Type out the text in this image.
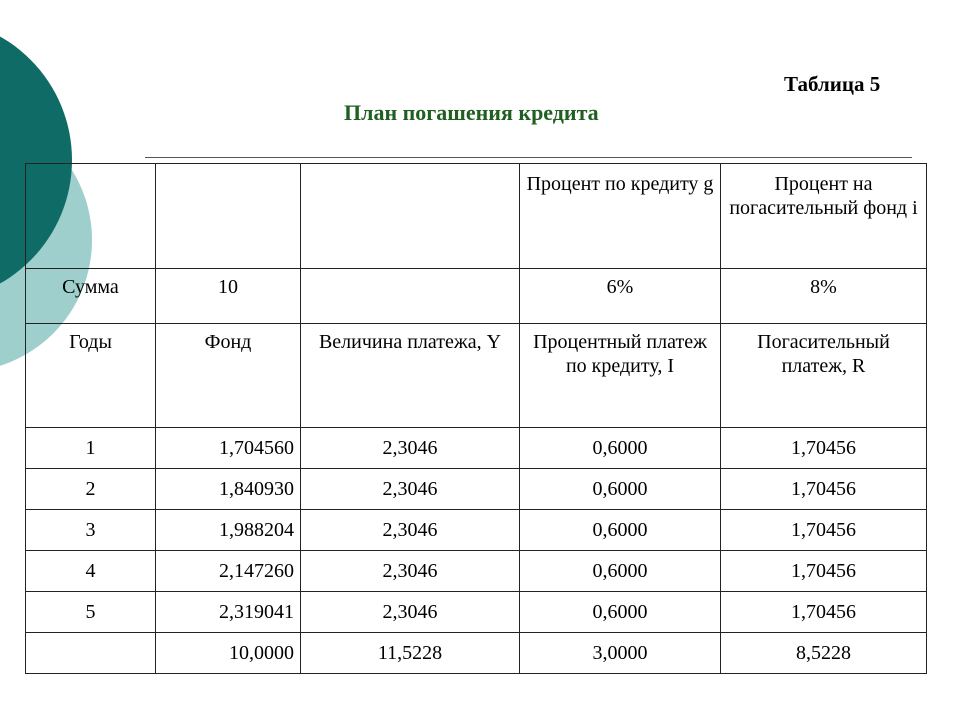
Таблица 5
План погашения кредита
			Процент по кредиту g	Процент на погасительный фонд i
Сумма	10		6%	8%
Годы	Фонд	Величина платежа, Y	Процентный платеж по кредиту, I	Погасительный платеж, R
1	1,704560	2,3046	0,6000	1,70456
2	1,840930	2,3046	0,6000	1,70456
3	1,988204	2,3046	0,6000	1,70456
4	2,147260	2,3046	0,6000	1,70456
5	2,319041	2,3046	0,6000	1,70456
	10,0000	11,5228	3,0000	8,5228
